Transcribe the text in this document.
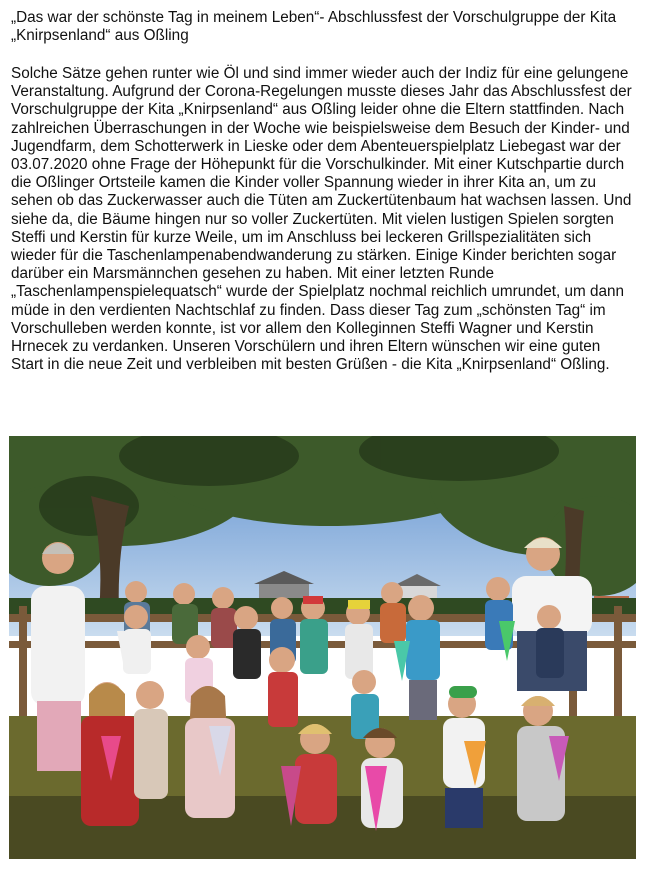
„Das war der schönste Tag in meinem Leben“- Abschlussfest der Vorschulgruppe der Kita „Knirpsenland“ aus Oßling

Solche Sätze gehen runter wie Öl und sind immer wieder auch der Indiz für eine gelungene Veranstaltung. Aufgrund der Corona-Regelungen musste dieses Jahr das Abschlussfest der Vorschulgruppe der Kita „Knirpsenland“ aus Oßling leider ohne die Eltern stattfinden. Nach zahlreichen Überraschungen in der Woche wie beispielsweise dem Besuch der Kinder- und Jugendfarm, dem Schotterwerk in Lieske oder dem Abenteuerspielplatz Liebegast war der 03.07.2020 ohne Frage der Höhepunkt für die Vorschulkinder. Mit einer Kutschpartie durch die Oßlinger Ortsteile kamen die Kinder voller Spannung wieder in ihrer Kita an, um zu sehen ob das Zuckerwasser auch die Tüten am Zuckertütenbaum hat wachsen lassen. Und siehe da, die Bäume hingen nur so voller Zuckertüten. Mit vielen lustigen Spielen sorgten Steffi und Kerstin für kurze Weile, um im Anschluss bei leckeren Grillspezialitäten sich wieder für die Taschenlampenabendwanderung zu stärken. Einige Kinder berichten sogar darüber ein Marsmännchen gesehen zu haben. Mit einer letzten Runde „Taschenlampenspielequatsch“ wurde der Spielplatz nochmal reichlich umrundet, um dann müde in den verdienten Nachtschlaf zu finden. Dass dieser Tag zum „schönsten Tag“ im Vorschulleben werden konnte, ist vor allem den Kolleginnen Steffi Wagner und Kerstin Hrnecek zu verdanken. Unseren Vorschülern und ihren Eltern wünschen wir eine guten Start in die neue Zeit und verbleiben mit besten Grüßen - die Kita „Knirpsenland“ Oßling.
